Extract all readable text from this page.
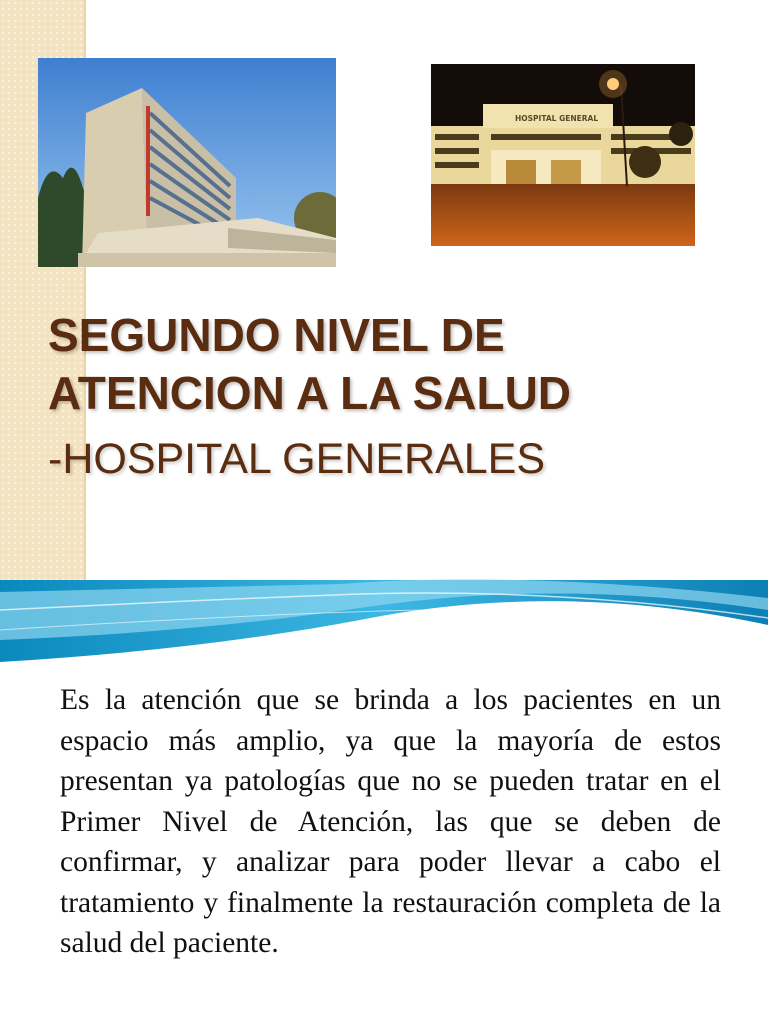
HOSPITAL GENERAL
SEGUNDO NIVEL DE
ATENCION A LA SALUD
-HOSPITAL GENERALES
Es la atención que se brinda a los pacientes en un espacio más amplio, ya que la mayoría de estos presentan ya patologías que no se pueden tratar en el Primer Nivel de Atención, las que se deben de confirmar, y analizar para poder llevar a cabo el tratamiento y finalmente la restauración completa de la salud del paciente.
